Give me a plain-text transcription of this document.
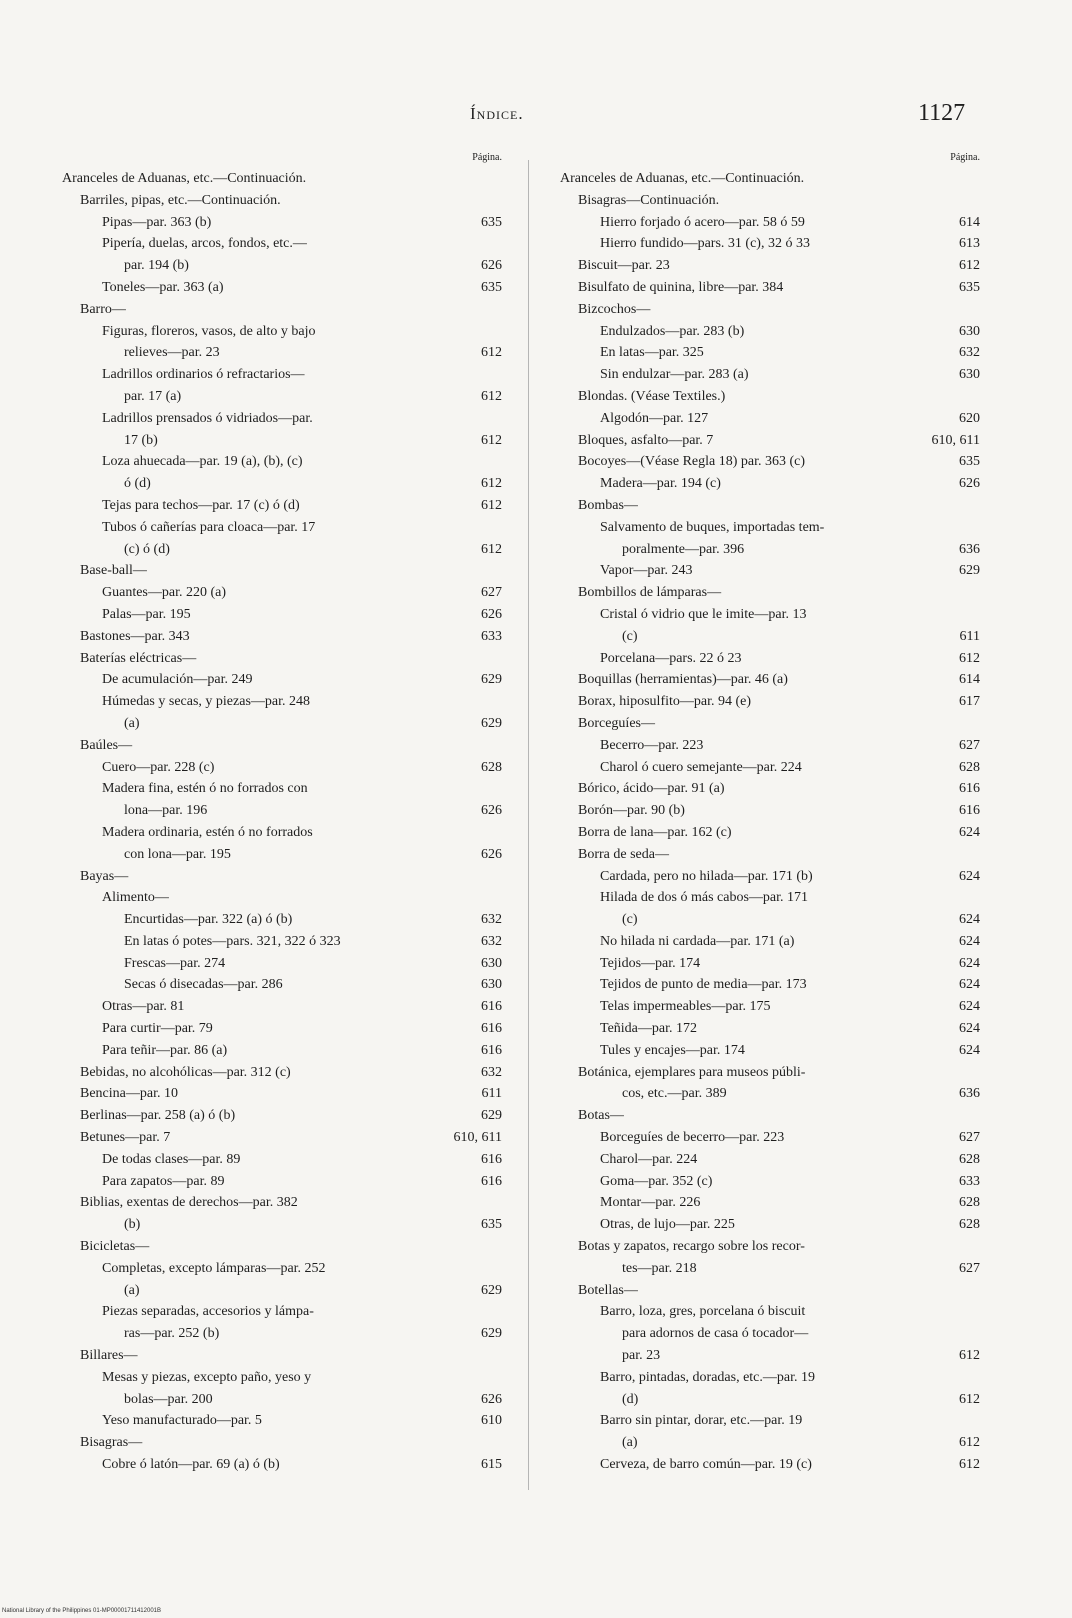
Índice.	1127
Página.
Aranceles de Aduanas, etc.—Continuación.
Barriles, pipas, etc.—Continuación.
Pipas—par. 363 (b)	635
Pipería, duelas, arcos, fondos, etc.—
par. 194 (b)	626
Toneles—par. 363 (a)	635
Barro—
Figuras, floreros, vasos, de alto y bajo
relieves—par. 23	612
Ladrillos ordinarios ó refractarios—
par. 17 (a)	612
Ladrillos prensados ó vidriados—par.
17 (b)	612
Loza ahuecada—par. 19 (a), (b), (c)
ó (d)	612
Tejas para techos—par. 17 (c) ó (d)	612
Tubos ó cañerías para cloaca—par. 17
(c) ó (d)	612
Base-ball—
Guantes—par. 220 (a)	627
Palas—par. 195	626
Bastones—par. 343	633
Baterías eléctricas—
De acumulación—par. 249	629
Húmedas y secas, y piezas—par. 248
(a)	629
Baúles—
Cuero—par. 228 (c)	628
Madera fina, estén ó no forrados con
lona—par. 196	626
Madera ordinaria, estén ó no forrados
con lona—par. 195	626
Bayas—
Alimento—
Encurtidas—par. 322 (a) ó (b)	632
En latas ó potes—pars. 321, 322 ó 323	632
Frescas—par. 274	630
Secas ó disecadas—par. 286	630
Otras—par. 81	616
Para curtir—par. 79	616
Para teñir—par. 86 (a)	616
Bebidas, no alcohólicas—par. 312 (c)	632
Bencina—par. 10	611
Berlinas—par. 258 (a) ó (b)	629
Betunes—par. 7	610, 611
De todas clases—par. 89	616
Para zapatos—par. 89	616
Biblias, exentas de derechos—par. 382
(b)	635
Bicicletas—
Completas, excepto lámparas—par. 252
(a)	629
Piezas separadas, accesorios y lámpa-
ras—par. 252 (b)	629
Billares—
Mesas y piezas, excepto paño, yeso y
bolas—par. 200	626
Yeso manufacturado—par. 5	610
Bisagras—
Cobre ó latón—par. 69 (a) ó (b)	615
Página.
Aranceles de Aduanas, etc.—Continuación.
Bisagras—Continuación.
Hierro forjado ó acero—par. 58 ó 59	614
Hierro fundido—pars. 31 (c), 32 ó 33	613
Biscuit—par. 23	612
Bisulfato de quinina, libre—par. 384	635
Bizcochos—
Endulzados—par. 283 (b)	630
En latas—par. 325	632
Sin endulzar—par. 283 (a)	630
Blondas. (Véase Textiles.)
Algodón—par. 127	620
Bloques, asfalto—par. 7	610, 611
Bocoyes—(Véase Regla 18) par. 363 (c)	635
Madera—par. 194 (c)	626
Bombas—
Salvamento de buques, importadas tem-
poralmente—par. 396	636
Vapor—par. 243	629
Bombillos de lámparas—
Cristal ó vidrio que le imite—par. 13
(c)	611
Porcelana—pars. 22 ó 23	612
Boquillas (herramientas)—par. 46 (a)	614
Borax, hiposulfito—par. 94 (e)	617
Borceguíes—
Becerro—par. 223	627
Charol ó cuero semejante—par. 224	628
Bórico, ácido—par. 91 (a)	616
Borón—par. 90 (b)	616
Borra de lana—par. 162 (c)	624
Borra de seda—
Cardada, pero no hilada—par. 171 (b)	624
Hilada de dos ó más cabos—par. 171
(c)	624
No hilada ni cardada—par. 171 (a)	624
Tejidos—par. 174	624
Tejidos de punto de media—par. 173	624
Telas impermeables—par. 175	624
Teñida—par. 172	624
Tules y encajes—par. 174	624
Botánica, ejemplares para museos públi-
cos, etc.—par. 389	636
Botas—
Borceguíes de becerro—par. 223	627
Charol—par. 224	628
Goma—par. 352 (c)	633
Montar—par. 226	628
Otras, de lujo—par. 225	628
Botas y zapatos, recargo sobre los recor-
tes—par. 218	627
Botellas—
Barro, loza, gres, porcelana ó biscuit
para adornos de casa ó tocador—
par. 23	612
Barro, pintadas, doradas, etc.—par. 19
(d)	612
Barro sin pintar, dorar, etc.—par. 19
(a)	612
Cerveza, de barro común—par. 19 (c)	612
National Library of the Philippines 01-MP00001711412001B
